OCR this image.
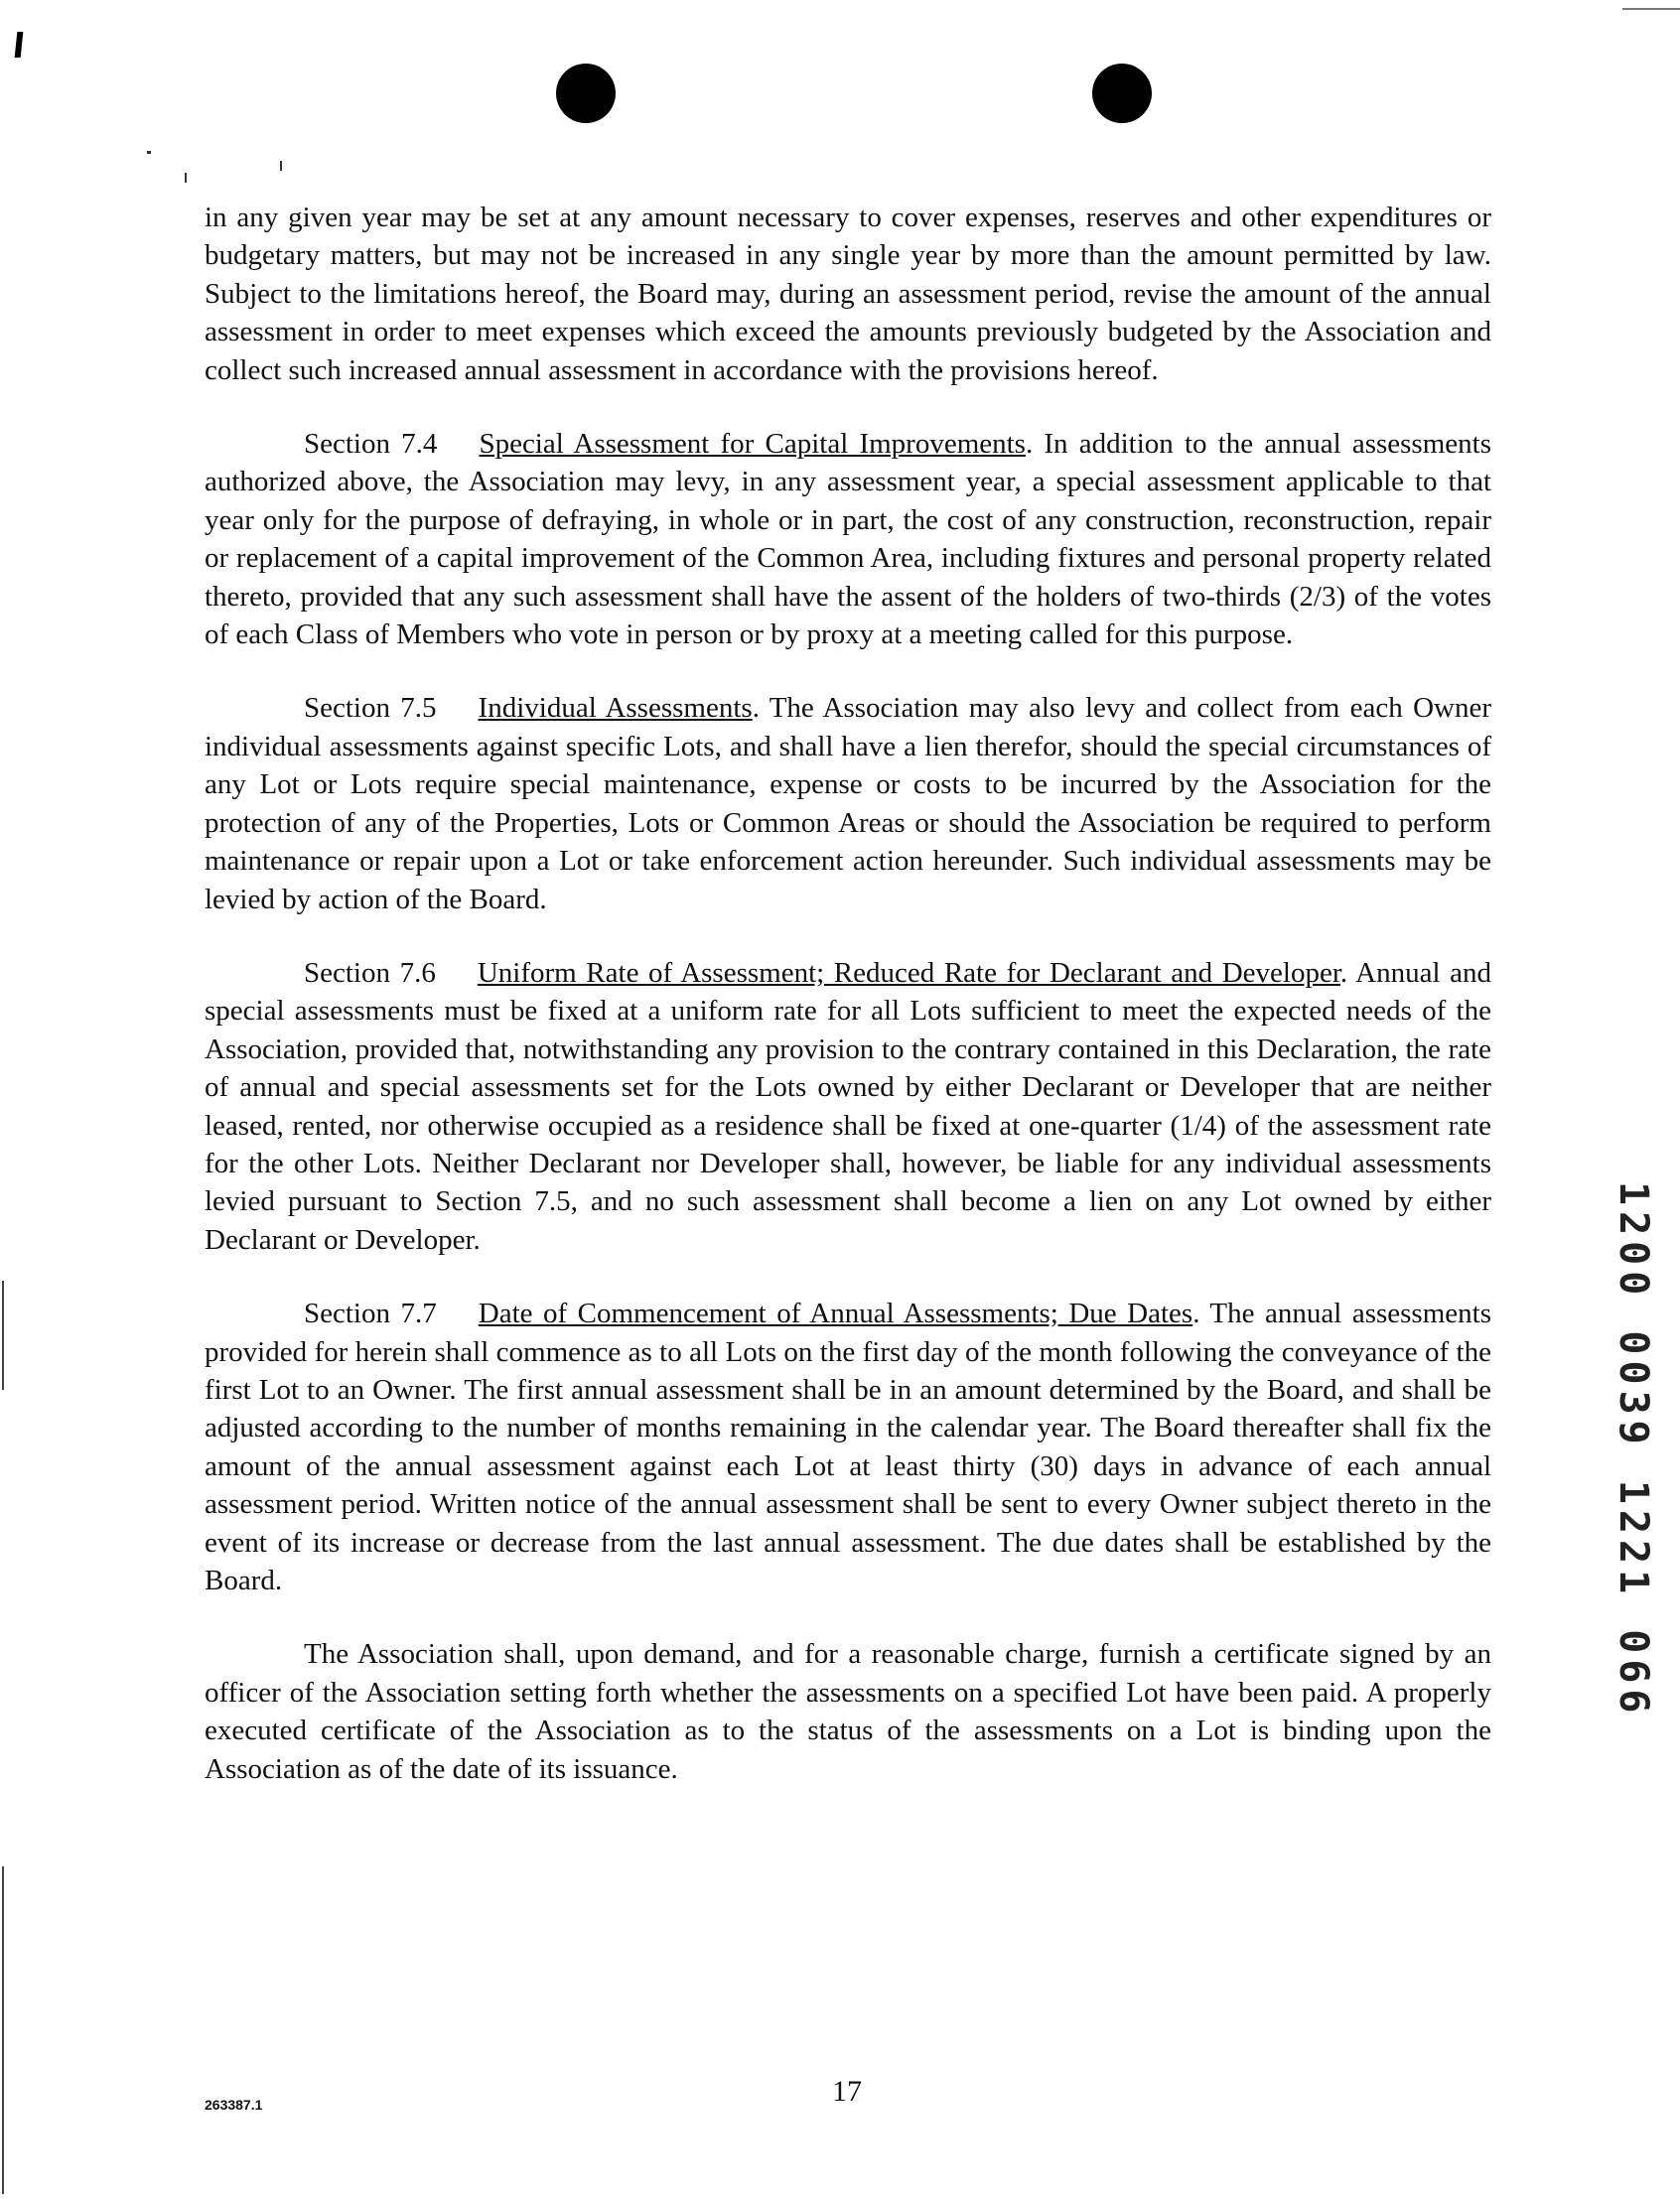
in any given year may be set at any amount necessary to cover expenses, reserves and other expenditures or budgetary matters, but may not be increased in any single year by more than the amount permitted by law. Subject to the limitations hereof, the Board may, during an assessment period, revise the amount of the annual assessment in order to meet expenses which exceed the amounts previously budgeted by the Association and collect such increased annual assessment in accordance with the provisions hereof.

Section 7.4 Special Assessment for Capital Improvements. In addition to the annual assessments authorized above, the Association may levy, in any assessment year, a special assessment applicable to that year only for the purpose of defraying, in whole or in part, the cost of any construction, reconstruction, repair or replacement of a capital improvement of the Common Area, including fixtures and personal property related thereto, provided that any such assessment shall have the assent of the holders of two-thirds (2/3) of the votes of each Class of Members who vote in person or by proxy at a meeting called for this purpose.

Section 7.5 Individual Assessments. The Association may also levy and collect from each Owner individual assessments against specific Lots, and shall have a lien therefor, should the special circumstances of any Lot or Lots require special maintenance, expense or costs to be incurred by the Association for the protection of any of the Properties, Lots or Common Areas or should the Association be required to perform maintenance or repair upon a Lot or take enforcement action hereunder. Such individual assessments may be levied by action of the Board.

Section 7.6 Uniform Rate of Assessment; Reduced Rate for Declarant and Developer. Annual and special assessments must be fixed at a uniform rate for all Lots sufficient to meet the expected needs of the Association, provided that, notwithstanding any provision to the contrary contained in this Declaration, the rate of annual and special assessments set for the Lots owned by either Declarant or Developer that are neither leased, rented, nor otherwise occupied as a residence shall be fixed at one-quarter (1/4) of the assessment rate for the other Lots. Neither Declarant nor Developer shall, however, be liable for any individual assessments levied pursuant to Section 7.5, and no such assessment shall become a lien on any Lot owned by either Declarant or Developer.

Section 7.7 Date of Commencement of Annual Assessments; Due Dates. The annual assessments provided for herein shall commence as to all Lots on the first day of the month following the conveyance of the first Lot to an Owner. The first annual assessment shall be in an amount determined by the Board, and shall be adjusted according to the number of months remaining in the calendar year. The Board thereafter shall fix the amount of the annual assessment against each Lot at least thirty (30) days in advance of each annual assessment period. Written notice of the annual assessment shall be sent to every Owner subject thereto in the event of its increase or decrease from the last annual assessment. The due dates shall be established by the Board.

The Association shall, upon demand, and for a reasonable charge, furnish a certificate signed by an officer of the Association setting forth whether the assessments on a specified Lot have been paid. A properly executed certificate of the Association as to the status of the assessments on a Lot is binding upon the Association as of the date of its issuance.

263387.1	17
1200 0039 1221 066
